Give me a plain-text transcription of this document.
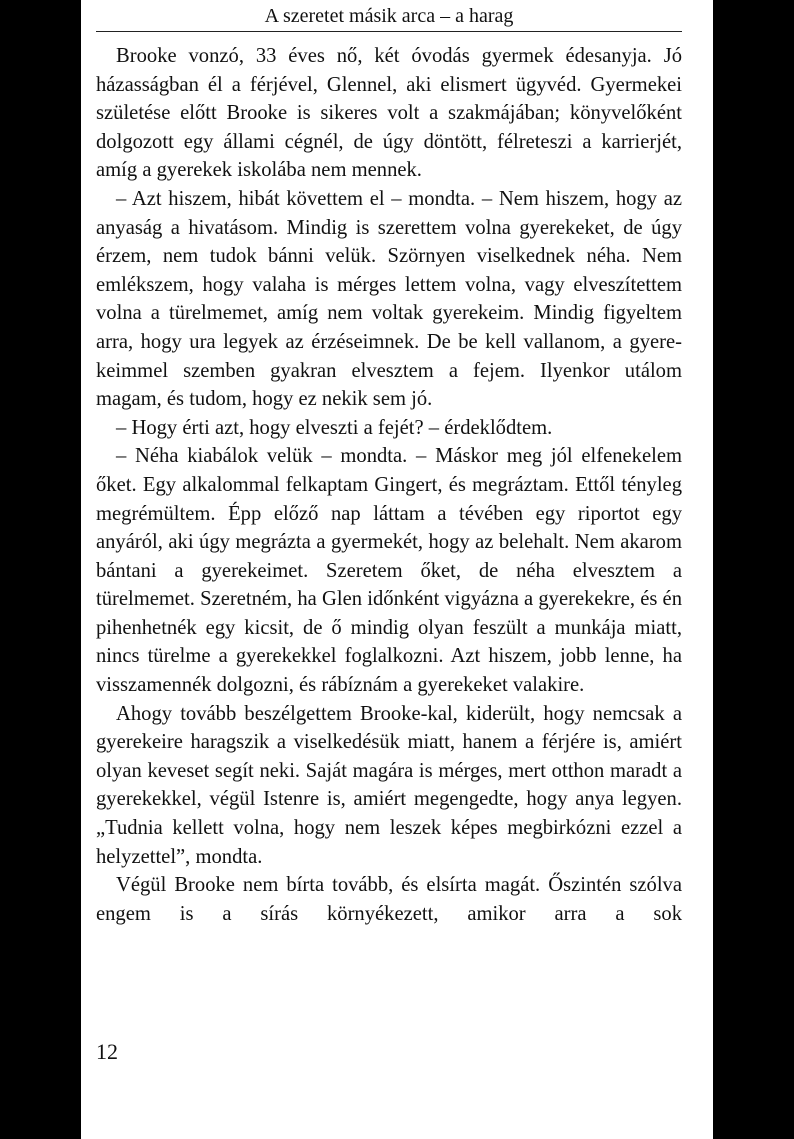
A szeretet másik arca – a harag

Brooke vonzó, 33 éves nő, két óvodás gyermek édesanyja. Jó házasságban él a férjével, Glennel, aki elismert ügyvéd. Gyermekei születése előtt Brooke is sikeres volt a szakmájában; könyvelőként dolgozott egy állami cégnél, de úgy döntött, félreteszi a karrierjét, amíg a gyerekek iskolába nem mennek.

– Azt hiszem, hibát követtem el – mondta. – Nem hiszem, hogy az anyaság a hivatásom. Mindig is szerettem volna gyerekeket, de úgy érzem, nem tudok bánni velük. Szörnyen viselkednek néha. Nem emlékszem, hogy valaha is mérges lettem volna, vagy elveszítettem volna a türelmemet, amíg nem voltak gyerekeim. Mindig figyeltem arra, hogy ura legyek az érzéseimnek. De be kell vallanom, a gyerekeimmel szemben gyakran elvesztem a fejem. Ilyenkor utálom magam, és tudom, hogy ez nekik sem jó.

– Hogy érti azt, hogy elveszti a fejét? – érdeklődtem.

– Néha kiabálok velük – mondta. – Máskor meg jól elfenekelem őket. Egy alkalommal felkaptam Gingert, és megráztam. Ettől tényleg megrémültem. Épp előző nap láttam a tévében egy riportot egy anyáról, aki úgy megrázta a gyermekét, hogy az belehalt. Nem akarom bántani a gyerekeimet. Szeretem őket, de néha elvesztem a türelmemet. Szeretném, ha Glen időnként vigyázna a gyerekekre, és én pihenhetnék egy kicsit, de ő mindig olyan feszült a munkája miatt, nincs türelme a gyerekekkel foglalkozni. Azt hiszem, jobb lenne, ha visszamennék dolgozni, és rábíznám a gyerekeket valakire.

Ahogy tovább beszélgettem Brooke-kal, kiderült, hogy nemcsak a gyerekeire haragszik a viselkedésük miatt, hanem a férjére is, amiért olyan keveset segít neki. Saját magára is mérges, mert otthon maradt a gyerekekkel, végül Istenre is, amiért megengedte, hogy anya legyen. „Tudnia kellett volna, hogy nem leszek képes megbirkózni ezzel a helyzettel”, mondta.

Végül Brooke nem bírta tovább, és elsírta magát. Őszintén szólva engem is a sírás környékezett, amikor arra a sok

12
